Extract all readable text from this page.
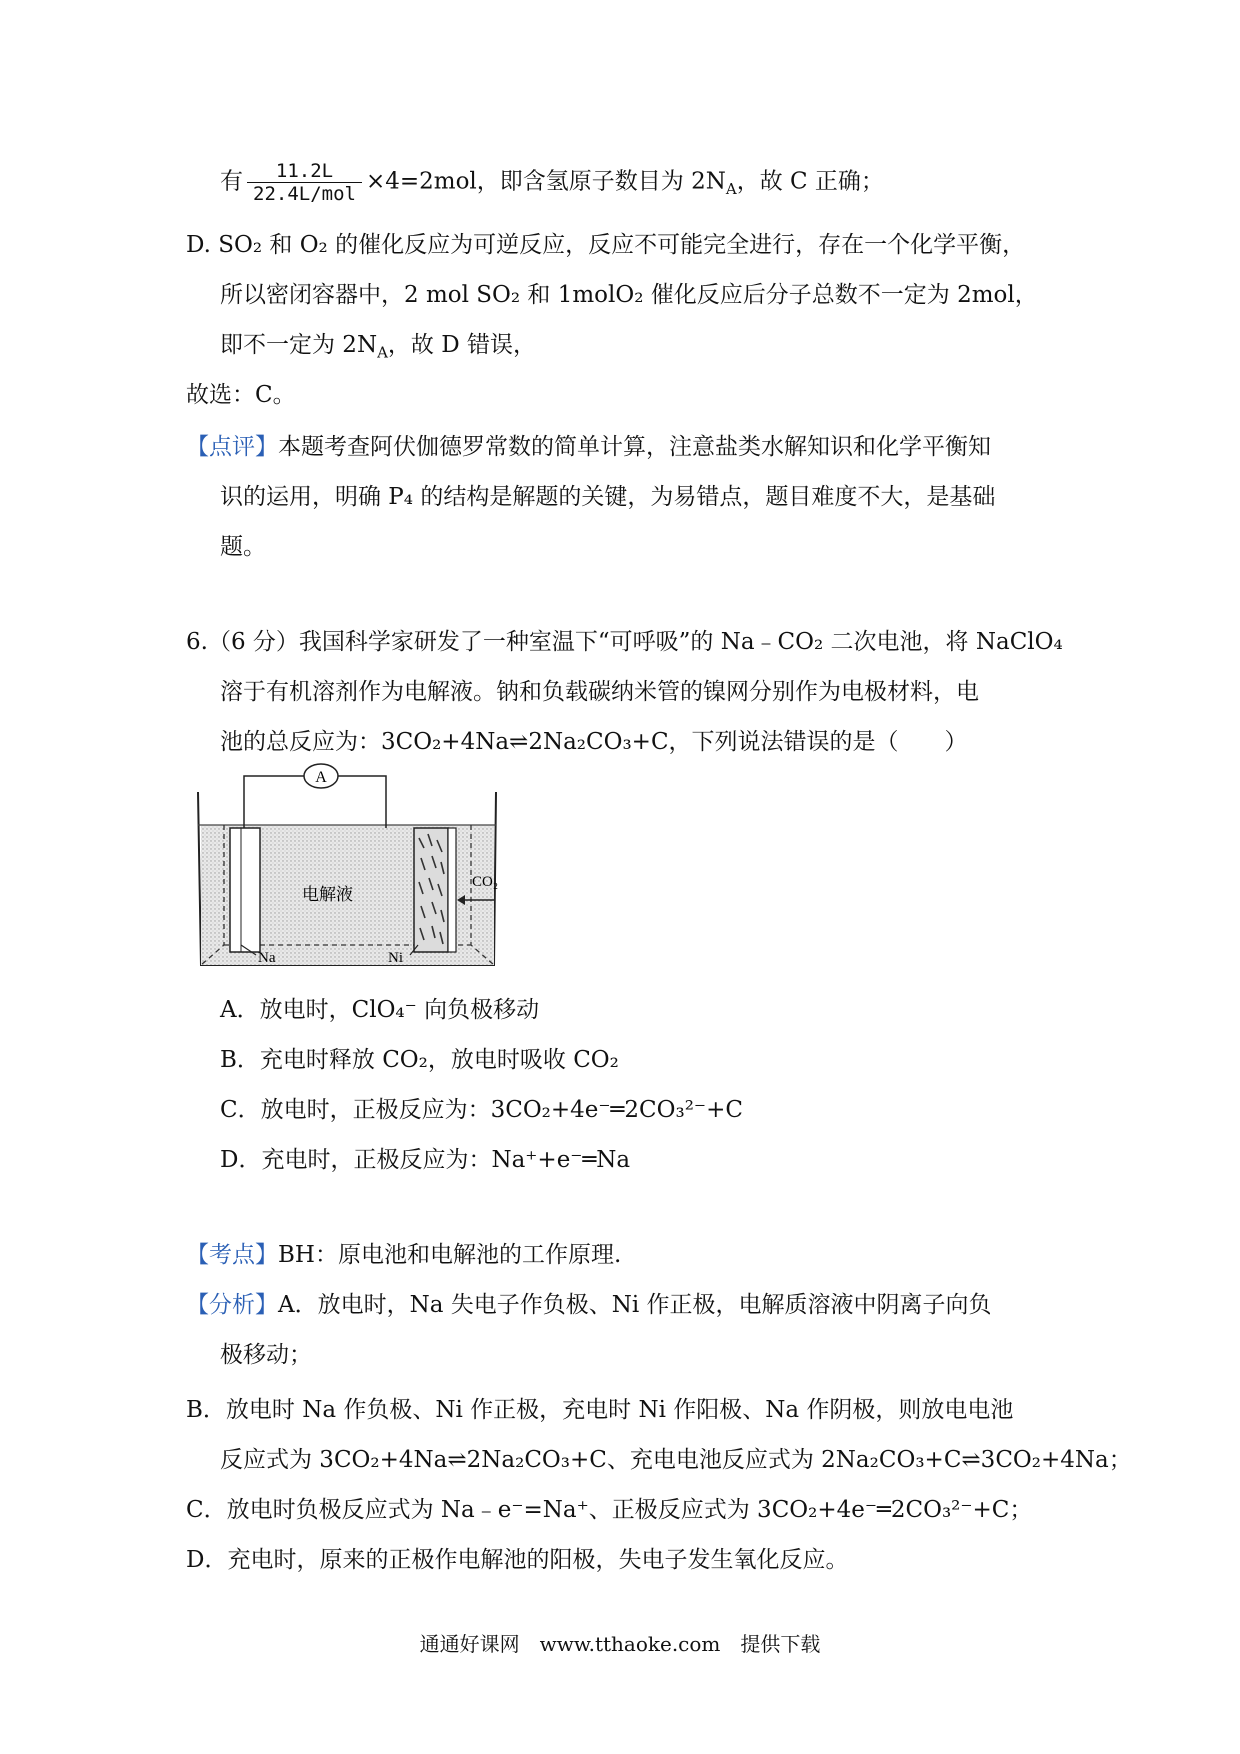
有 $\frac{11.2L}{\text{22.4L/mol}} \times 4=2mol$，即含氢原子数目为 $2N_A$，故 C 正确；
D. SO₂ 和 O₂ 的催化反应为可逆反应，反应不可能完全进行，存在一个化学平衡，
所以密闭容器中，2 mol SO₂ 和 1molO₂ 催化反应后分子总数不一定为 2mol，
即不一定为 $2N_A$，故 D 错误，
故选：C。
【点评】本题考查阿伏伽德罗常数的简单计算，注意盐类水解知识和化学平衡知
识的运用，明确 P₄ 的结构是解题的关键，为易错点，题目难度不大，是基础
题。
6.（6 分）我国科学家研发了一种室温下“可呼吸”的 Na﹣CO₂ 二次电池，将 NaClO₄
溶于有机溶剂作为电解液。钠和负载碳纳米管的镍网分别作为电极材料，电
池的总反应为：3CO₂+4Na⇌2Na₂CO₃+C，下列说法错误的是（　　）
A
电解液
CO₂
Na	Ni
A．放电时，ClO₄⁻ 向负极移动
B．充电时释放 CO₂，放电时吸收 CO₂
C．放电时，正极反应为：3CO₂+4e⁻═2CO₃²⁻+C
D．充电时，正极反应为：Na⁺+e⁻═Na
【考点】BH：原电池和电解池的工作原理.
【分析】A．放电时，Na 失电子作负极、Ni 作正极，电解质溶液中阴离子向负
极移动；
B．放电时 Na 作负极、Ni 作正极，充电时 Ni 作阳极、Na 作阴极，则放电电池
反应式为 3CO₂+4Na⇌2Na₂CO₃+C、充电电池反应式为 2Na₂CO₃+C⇌3CO₂+4Na；
C．放电时负极反应式为 Na﹣e⁻=Na⁺、正极反应式为 3CO₂+4e⁻═2CO₃²⁻+C；
D．充电时，原来的正极作电解池的阳极，失电子发生氧化反应。
通通好课网　www.tthaoke.com　提供下载
